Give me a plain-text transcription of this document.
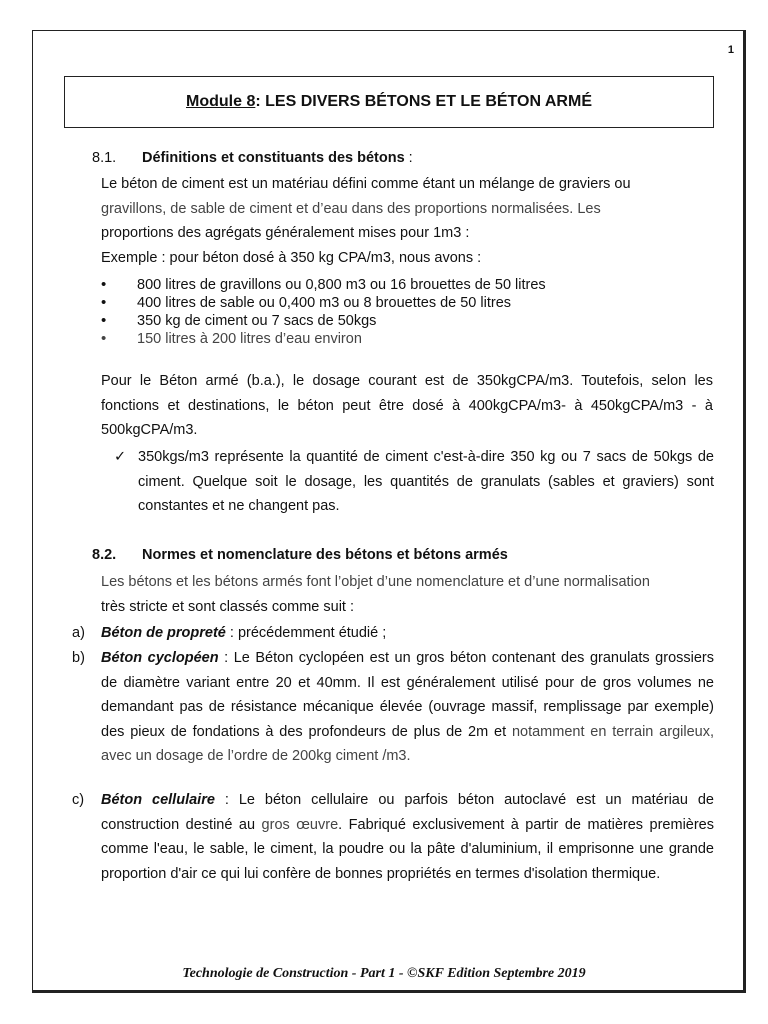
1
Module 8 : LES DIVERS BÉTONS ET LE BÉTON ARMÉ
8.1.	Définitions et constituants des bétons :
Le béton de ciment est un matériau défini comme étant un mélange de graviers ou
gravillons, de sable de ciment et d’eau dans des proportions normalisées. Les
proportions des agrégats généralement mises pour 1m3 :
Exemple : pour béton dosé à 350 kg CPA/m3, nous avons :
• 800 litres de gravillons ou 0,800 m3 ou 16 brouettes de 50 litres
• 400 litres de sable ou 0,400 m3 ou 8 brouettes de 50 litres
• 350 kg de ciment ou 7 sacs de 50kgs
• 150 litres à 200 litres d’eau environ
Pour le Béton armé (b.a.), le dosage courant est de 350kgCPA/m3. Toutefois, selon les fonctions et destinations, le béton peut être dosé à 400kgCPA/m3- à 450kgCPA/m3 - à 500kgCPA/m3.
✓ 350kgs/m3 représente la quantité de ciment c'est-à-dire 350 kg ou 7 sacs de 50kgs de ciment. Quelque soit le dosage, les quantités de granulats (sables et graviers) sont constantes et ne changent pas.
8.2.	Normes et nomenclature des bétons et bétons armés
Les bétons et les bétons armés font l’objet d’une nomenclature et d’une normalisation
très stricte et sont classés comme suit :
a)	Béton de propreté : précédemment étudié ;
b)	Béton cyclopéen : Le Béton cyclopéen est un gros béton contenant des granulats grossiers de diamètre variant entre 20 et 40mm. Il est généralement utilisé pour de gros volumes ne demandant pas de résistance mécanique élevée (ouvrage massif, remplissage par exemple) des pieux de fondations à des profondeurs de plus de 2m et notamment en terrain argileux, avec un dosage de l’ordre de 200kg ciment /m3.
c)	Béton cellulaire : Le béton cellulaire ou parfois béton autoclavé est un matériau de construction destiné au gros œuvre. Fabriqué exclusivement à partir de matières premières comme l'eau, le sable, le ciment, la poudre ou la pâte d'aluminium, il emprisonne une grande proportion d'air ce qui lui confère de bonnes propriétés en termes d'isolation thermique.
Technologie de Construction - Part 1 - ©SKF Edition Septembre 2019
